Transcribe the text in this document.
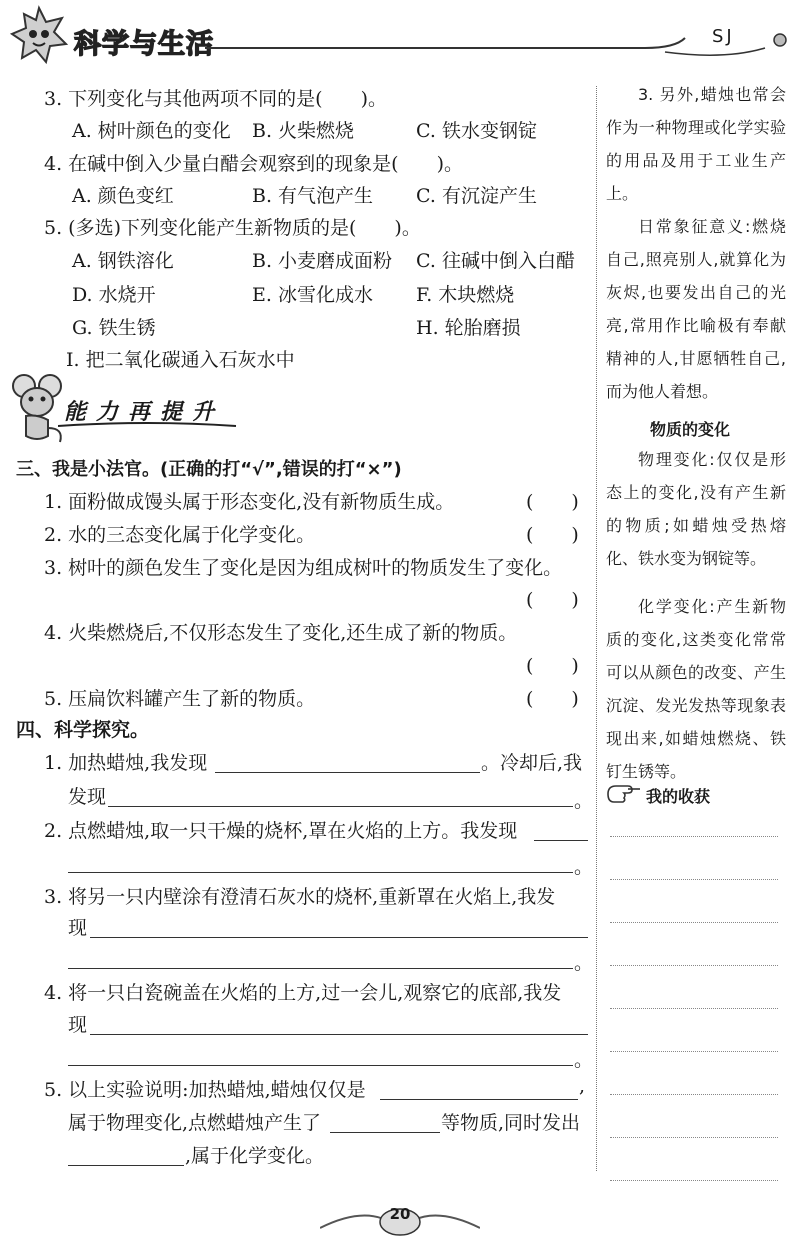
科学与生活	SJ
3. 下列变化与其他两项不同的是(　　)。
A. 树叶颜色的变化 B. 火柴燃烧	C. 铁水变钢锭
4. 在碱中倒入少量白醋会观察到的现象是(　　)。
A. 颜色变红	B. 有气泡产生 C. 有沉淀产生
5. (多选)下列变化能产生新物质的是(　　)。
A. 钢铁溶化	B. 小麦磨成面粉 C. 往碱中倒入白醋
D. 水烧开	E. 冰雪化成水 F. 木块燃烧
G. 铁生锈	H. 轮胎磨损
I. 把二氧化碳通入石灰水中
能力再提升
三、我是小法官。(正确的打“√”,错误的打“×”)
1. 面粉做成馒头属于形态变化,没有新物质生成。	(　　)
2. 水的三态变化属于化学变化。	(　　)
3. 树叶的颜色发生了变化是因为组成树叶的物质发生了变化。
(　　)
4. 火柴燃烧后,不仅形态发生了变化,还生成了新的物质。
(　　)
5. 压扁饮料罐产生了新的物质。	(　　)
四、科学探究。
1. 加热蜡烛,我发现	。冷却后,我
发现	。
2. 点燃蜡烛,取一只干燥的烧杯,罩在火焰的上方。我发现
。
3. 将另一只内壁涂有澄清石灰水的烧杯,重新罩在火焰上,我发
现
。
4. 将一只白瓷碗盖在火焰的上方,过一会儿,观察它的底部,我发
现
。
5. 以上实验说明:加热蜡烛,蜡烛仅仅是	,
属于物理变化,点燃蜡烛产生了	等物质,同时发出
,属于化学变化。
3. 另外,蜡烛也常会作为一种物理或化学实验的用品及用于工业生产上。
日常象征意义:燃烧自己,照亮别人,就算化为灰烬,也要发出自己的光亮,常用作比喻极有奉献精神的人,甘愿牺牲自己,而为他人着想。
物质的变化
物理变化:仅仅是形态上的变化,没有产生新的物质;如蜡烛受热熔化、铁水变为钢锭等。
化学变化:产生新物质的变化,这类变化常常可以从颜色的改变、产生沉淀、发光发热等现象表现出来,如蜡烛燃烧、铁钉生锈等。
我的收获
20
